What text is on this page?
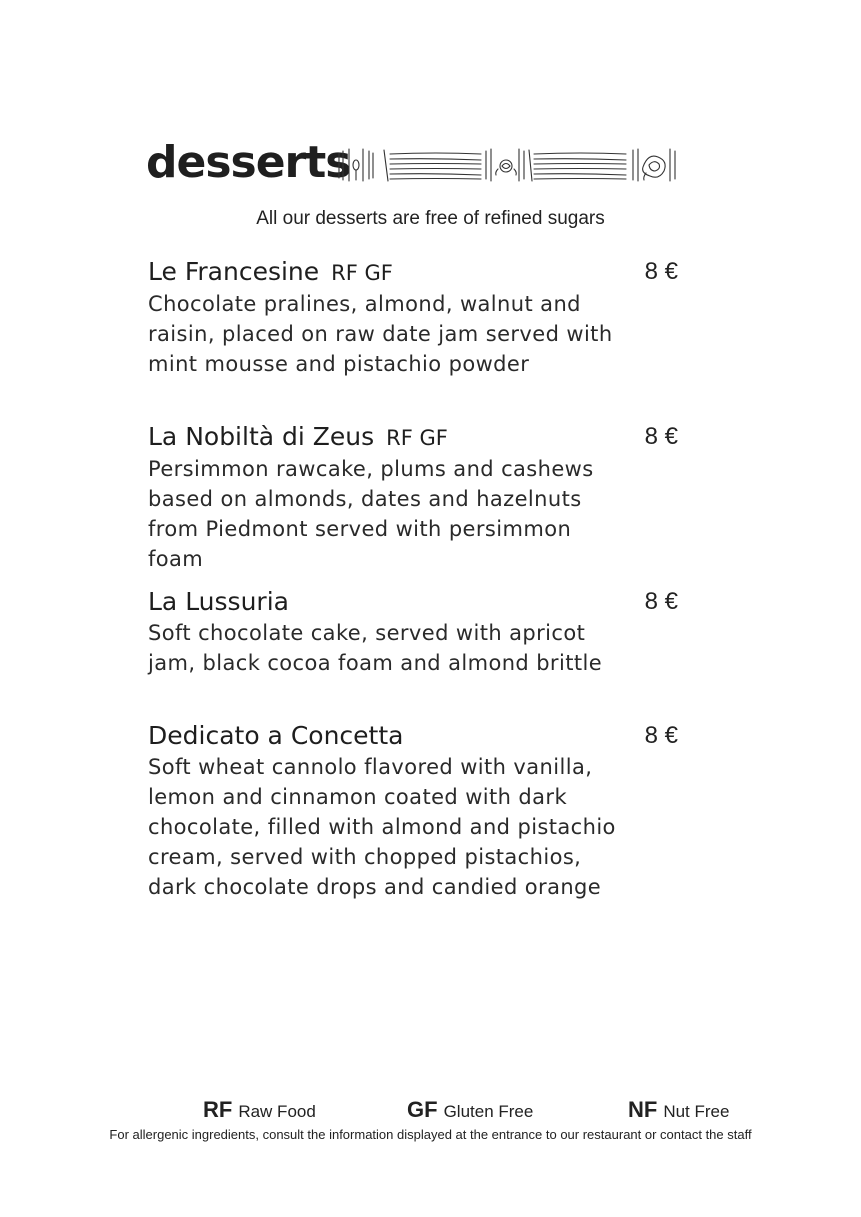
desserts
All our desserts are free of refined sugars
Le Francesine RF GF	8 €
Chocolate pralines, almond, walnut and raisin, placed on raw date jam served with mint mousse and pistachio powder
La Nobiltà di Zeus RF GF	8 €
Persimmon rawcake, plums and cashews based on almonds, dates and hazelnuts from Piedmont served with persimmon foam
La Lussuria	8 €
Soft chocolate cake, served with apricot jam, black cocoa foam and almond brittle
Dedicato a Concetta	8 €
Soft wheat cannolo flavored with vanilla, lemon and cinnamon coated with dark chocolate, filled with almond and pistachio cream, served with chopped pistachios, dark chocolate drops and candied orange
RF Raw Food	GF Gluten Free	NF Nut Free
For allergenic ingredients, consult the information displayed at the entrance to our restaurant or contact the staff
